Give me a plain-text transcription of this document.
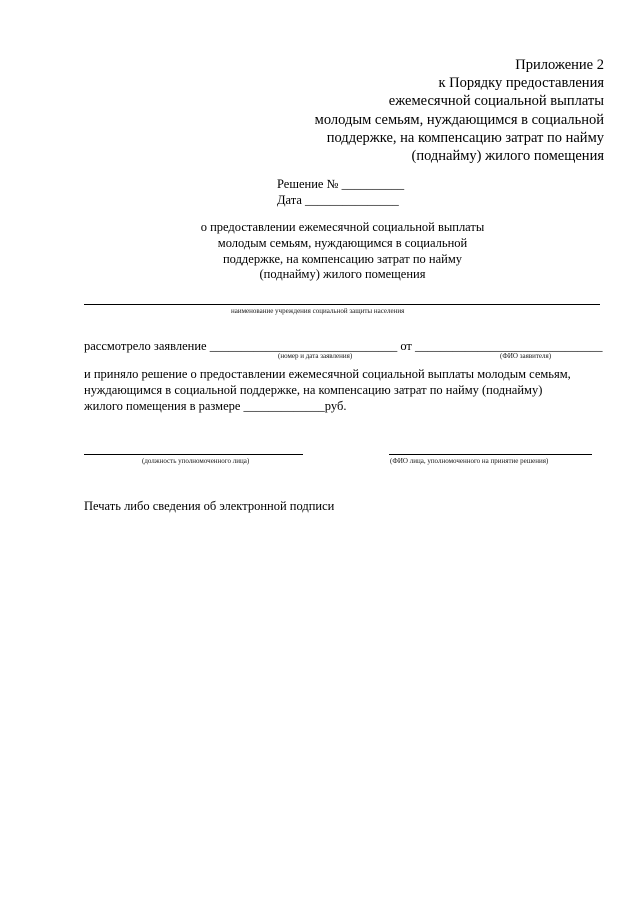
Приложение 2
к Порядку предоставления
ежемесячной социальной выплаты
молодым семьям, нуждающимся в социальной
поддержке, на компенсацию затрат по найму
(поднайму) жилого помещения
Решение № __________
Дата _______________
о предоставлении ежемесячной социальной выплаты
молодым семьям, нуждающимся в социальной
поддержке, на компенсацию затрат по найму
(поднайму) жилого помещения
наименование учреждения социальной защиты населения
рассмотрело заявление ______________________________ от ______________________________
(номер и дата заявления)	(ФИО заявителя)
и приняло решение о предоставлении ежемесячной социальной выплаты молодым семьям,
нуждающимся в социальной поддержке, на компенсацию затрат по найму (поднайму)
жилого помещения в размере _____________руб.
(должность уполномоченного лица)	(ФИО лица, уполномоченного на принятие решения)
Печать либо сведения об электронной подписи
